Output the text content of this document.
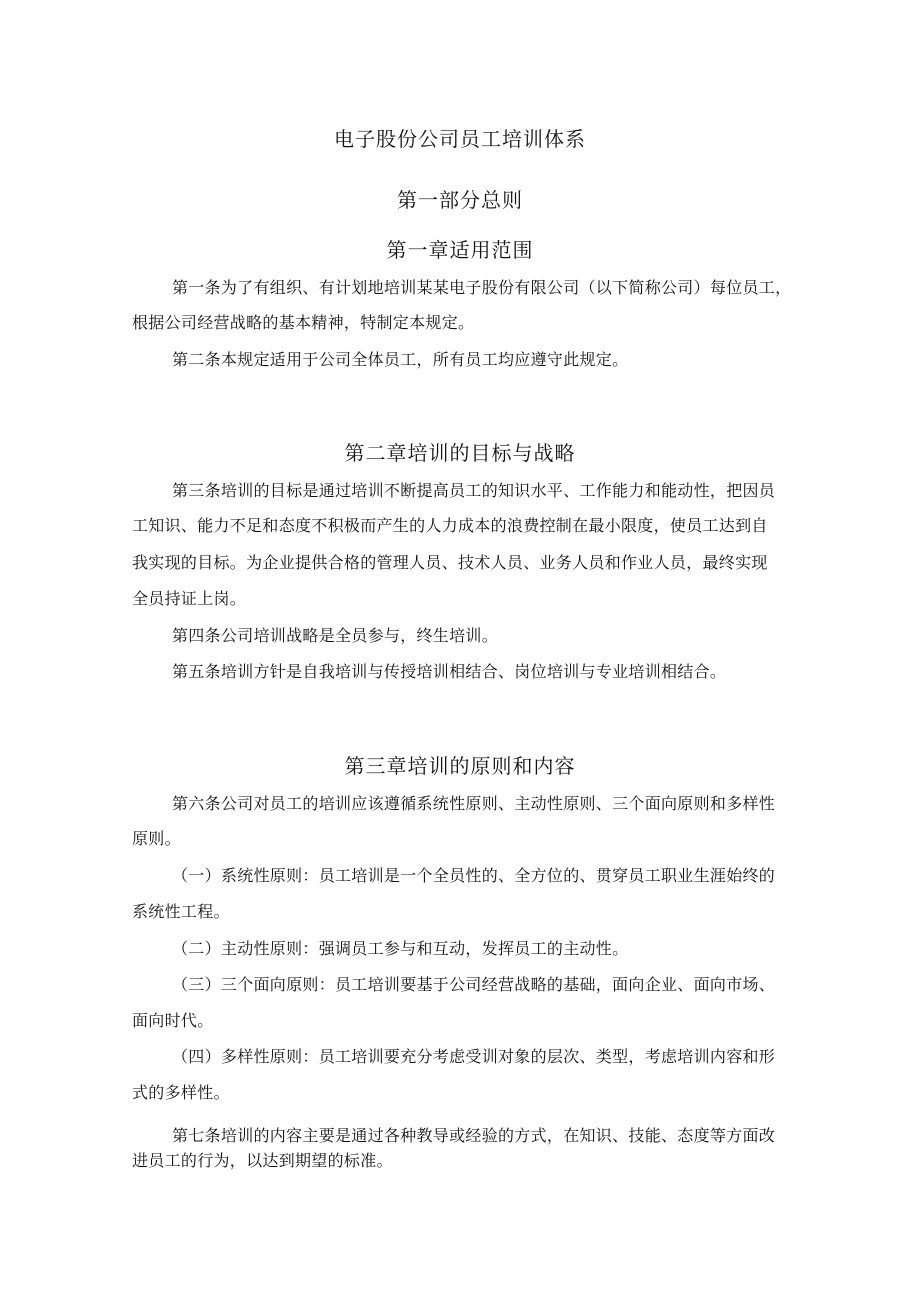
电子股份公司员工培训体系
第一部分总则
第一章适用范围
第一条为了有组织、有计划地培训某某电子股份有限公司（以下简称公司）每位员工，
根据公司经营战略的基本精神，特制定本规定。
第二条本规定适用于公司全体员工，所有员工均应遵守此规定。
第二章培训的目标与战略
第三条培训的目标是通过培训不断提高员工的知识水平、工作能力和能动性，把因员
工知识、能力不足和态度不积极而产生的人力成本的浪费控制在最小限度，使员工达到自
我实现的目标。为企业提供合格的管理人员、技术人员、业务人员和作业人员，最终实现
全员持证上岗。
第四条公司培训战略是全员参与，终生培训。
第五条培训方针是自我培训与传授培训相结合、岗位培训与专业培训相结合。
第三章培训的原则和内容
第六条公司对员工的培训应该遵循系统性原则、主动性原则、三个面向原则和多样性
原则。
（一）系统性原则：员工培训是一个全员性的、全方位的、贯穿员工职业生涯始终的
系统性工程。
（二）主动性原则：强调员工参与和互动，发挥员工的主动性。
（三）三个面向原则：员工培训要基于公司经营战略的基础，面向企业、面向市场、
面向时代。
（四）多样性原则：员工培训要充分考虑受训对象的层次、类型，考虑培训内容和形
式的多样性。
第七条培训的内容主要是通过各种教导或经验的方式，在知识、技能、态度等方面改
进员工的行为，以达到期望的标准。
